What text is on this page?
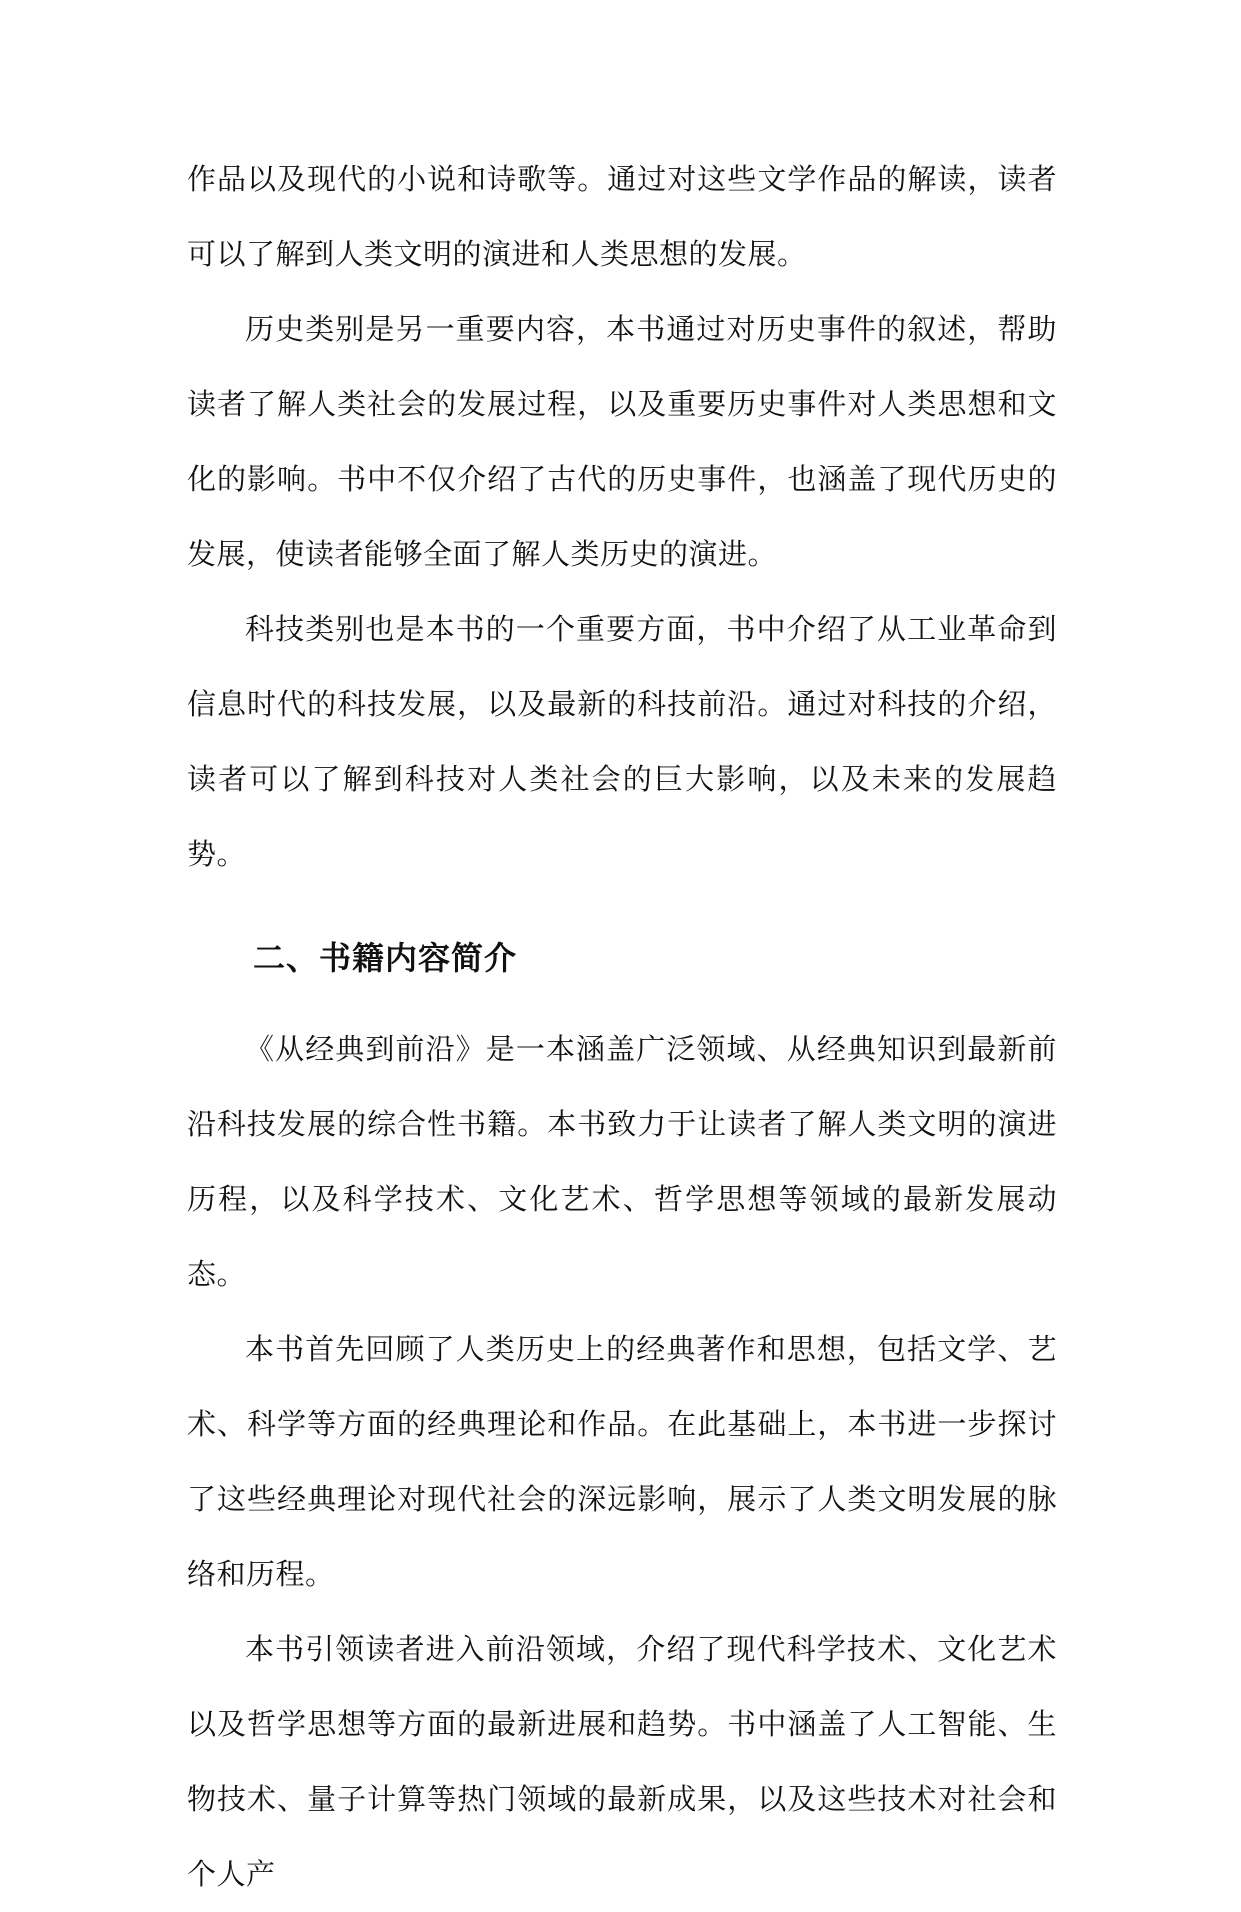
作品以及现代的小说和诗歌等。通过对这些文学作品的解读，读者可以了解到人类文明的演进和人类思想的发展。

历史类别是另一重要内容，本书通过对历史事件的叙述，帮助读者了解人类社会的发展过程，以及重要历史事件对人类思想和文化的影响。书中不仅介绍了古代的历史事件，也涵盖了现代历史的发展，使读者能够全面了解人类历史的演进。

科技类别也是本书的一个重要方面，书中介绍了从工业革命到信息时代的科技发展，以及最新的科技前沿。通过对科技的介绍，读者可以了解到科技对人类社会的巨大影响，以及未来的发展趋势。

二、书籍内容简介

《从经典到前沿》是一本涵盖广泛领域、从经典知识到最新前沿科技发展的综合性书籍。本书致力于让读者了解人类文明的演进历程，以及科学技术、文化艺术、哲学思想等领域的最新发展动态。

本书首先回顾了人类历史上的经典著作和思想，包括文学、艺术、科学等方面的经典理论和作品。在此基础上，本书进一步探讨了这些经典理论对现代社会的深远影响，展示了人类文明发展的脉络和历程。

本书引领读者进入前沿领域，介绍了现代科学技术、文化艺术以及哲学思想等方面的最新进展和趋势。书中涵盖了人工智能、生物技术、量子计算等热门领域的最新成果，以及这些技术对社会和个人产
